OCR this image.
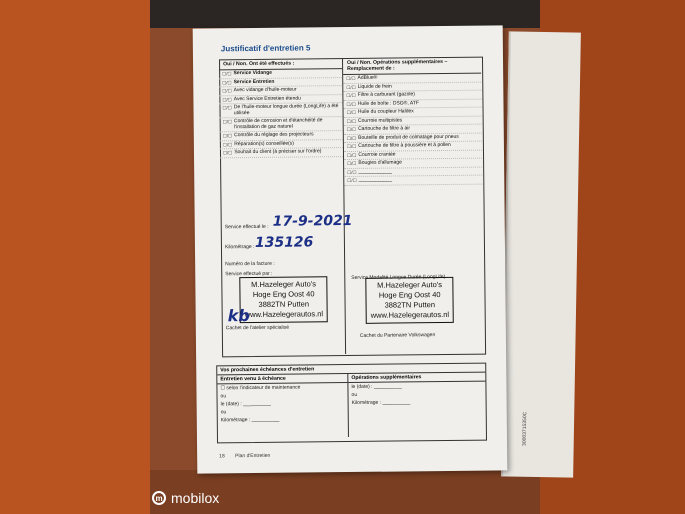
30003715350C
Justificatif d'entretien 5
Oui / Non. Ont été effectués :
☐/☐ Service Vidange
☐/☐ Service Entretien
☐/☐ Avec vidange d'huile-moteur
☐/☐ Avec Service Entretien étendu
☐/☐ De l'huile-moteur longue durée (LongLife) a été utilisée
☐/☐ Contrôle de corrosion et d'étanchéité de l'installation de gaz naturel
☐/☐ Contrôle du réglage des projecteurs
☐/☐ Réparation(s) conseillée(s)
☐/☐ Souhait du client (à préciser sur l'ordre)
Oui / Non. Opérations supplémentaires – Remplacement de :
☐/☐ AdBlue®
☐/☐ Liquide de frein
☐/☐ Filtre à carburant (gazole)
☐/☐ Huile de boîte : DSG®, ATF
☐/☐ Huile du coupleur Haldex
☐/☐ Courroie multipistes
☐/☐ Cartouche de filtre à air
☐/☐ Bouteille de produit de colmatage pour pneus
☐/☐ Cartouche de filtre à poussière et à pollen
☐/☐ Courroie crantée
☐/☐ Bougies d'allumage
☐/☐ ____________
☐/☐ ____________
Service effectué le : 17-9-2021
Kilométrage : 135126
Numéro de la facture :
Service effectué par :	Service Modalité Longue Durée (LongLife)
M.Hazeleger Auto's
Hoge Eng Oost 40
3882TN Putten
www.Hazelegerautos.nl
M.Hazeleger Auto's
Hoge Eng Oost 40
3882TN Putten
www.Hazelegerautos.nl
kb
Cachet de l'atelier spécialisé
Cachet du Partenaire Volkswagen
Vos prochaines échéances d'entretien
Entretien venu à échéance
☐ selon l'indicateur de maintenance
ou
le (date) : __________
ou
Kilométrage : __________
Opérations supplémentaires
le (date) : __________
ou
Kilométrage : __________
18 Plan d'Entretien
m mobilox
